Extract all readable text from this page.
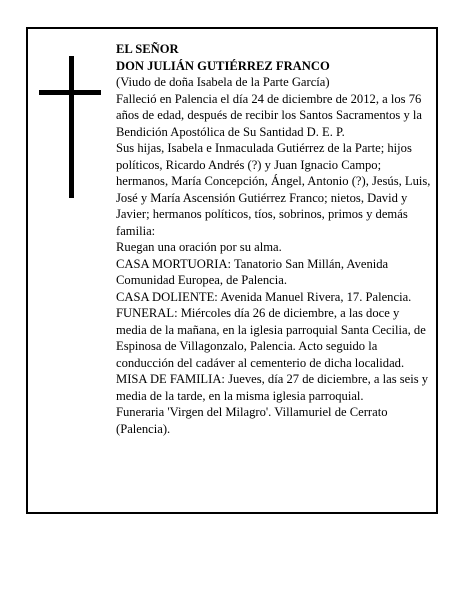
EL SEÑOR

DON JULIÁN GUTIÉRREZ FRANCO

(Viudo de doña Isabela de la Parte García)

Falleció en Palencia el día 24 de diciembre de 2012, a los 76 años de edad, después de recibir los Santos Sacramentos y la Bendición Apostólica de Su Santidad D. E. P.

Sus hijas, Isabela e Inmaculada Gutiérrez de la Parte; hijos políticos, Ricardo Andrés (?) y Juan Ignacio Campo; hermanos, María Concepción, Ángel, Antonio (?), Jesús, Luis, José y María Ascensión Gutiérrez Franco; nietos, David y Javier; hermanos políticos, tíos, sobrinos, primos y demás familia:

Ruegan una oración por su alma.

CASA MORTUORIA: Tanatorio San Millán, Avenida Comunidad Europea, de Palencia.

CASA DOLIENTE: Avenida Manuel Rivera, 17. Palencia.

FUNERAL: Miércoles día 26 de diciembre, a las doce y media de la mañana, en la iglesia parroquial Santa Cecilia, de Espinosa de Villagonzalo, Palencia. Acto seguido la conducción del cadáver al cementerio de dicha localidad.

MISA DE FAMILIA: Jueves, día 27 de diciembre, a las seis y media de la tarde, en la misma iglesia parroquial.

Funeraria 'Virgen del Milagro'. Villamuriel de Cerrato (Palencia).
